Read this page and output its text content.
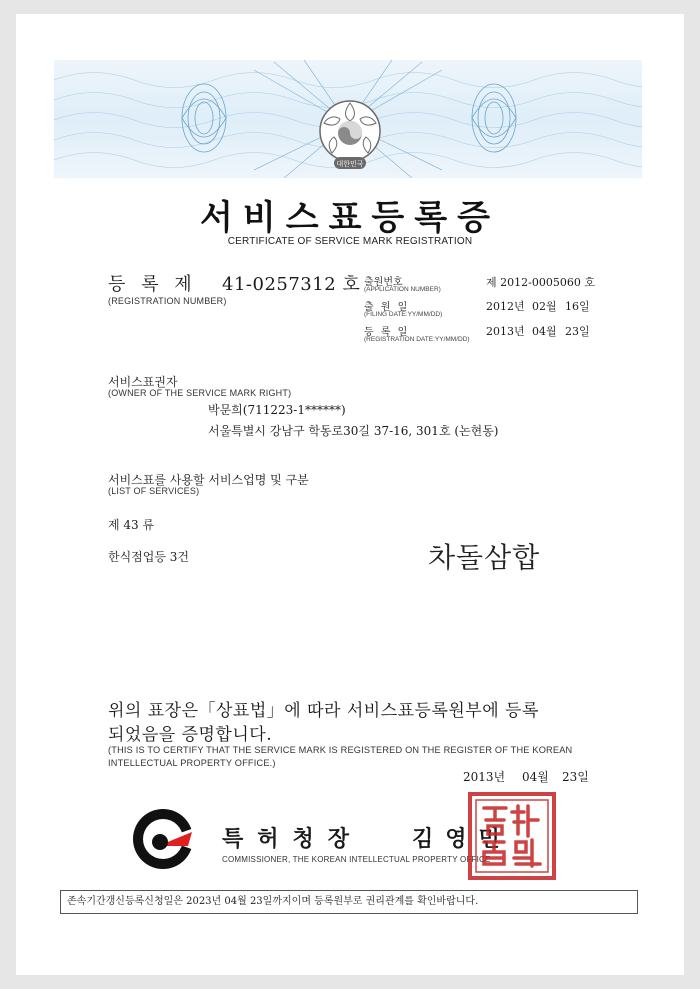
대한민국
서비스표등록증
CERTIFICATE OF SERVICE MARK REGISTRATION
등 록 제 41-0257312 호
(REGISTRATION NUMBER)
출원번호
(APPLICATION NUMBER)
제 2012-0005060 호
출 원 일
(FILING DATE:YY/MM/DD)
2012년 02월 16일
등 록 일
(REGISTRATION DATE:YY/MM/DD)
2013년 04월 23일
서비스표권자
(OWNER OF THE SERVICE MARK RIGHT)
박문희(711223-1******)
서울특별시 강남구 학동로30길 37-16, 301호 (논현동)
서비스표를 사용할 서비스업명 및 구분
(LIST OF SERVICES)
제 43 류
한식점업등 3건	차돌삼합
위의 표장은「상표법」에 따라 서비스표등록원부에 등록
되었음을 증명합니다.
(THIS IS TO CERTIFY THAT THE SERVICE MARK IS REGISTERED ON THE REGISTER OF THE KOREAN
INTELLECTUAL PROPERTY OFFICE.)
2013년 04월 23일
특허청장 김영민
COMMISSIONER, THE KOREAN INTELLECTUAL PROPERTY OFFICE
존속기간갱신등록신청일은 2023년 04월 23일까지이며 등록원부로 권리관계를 확인바랍니다.
